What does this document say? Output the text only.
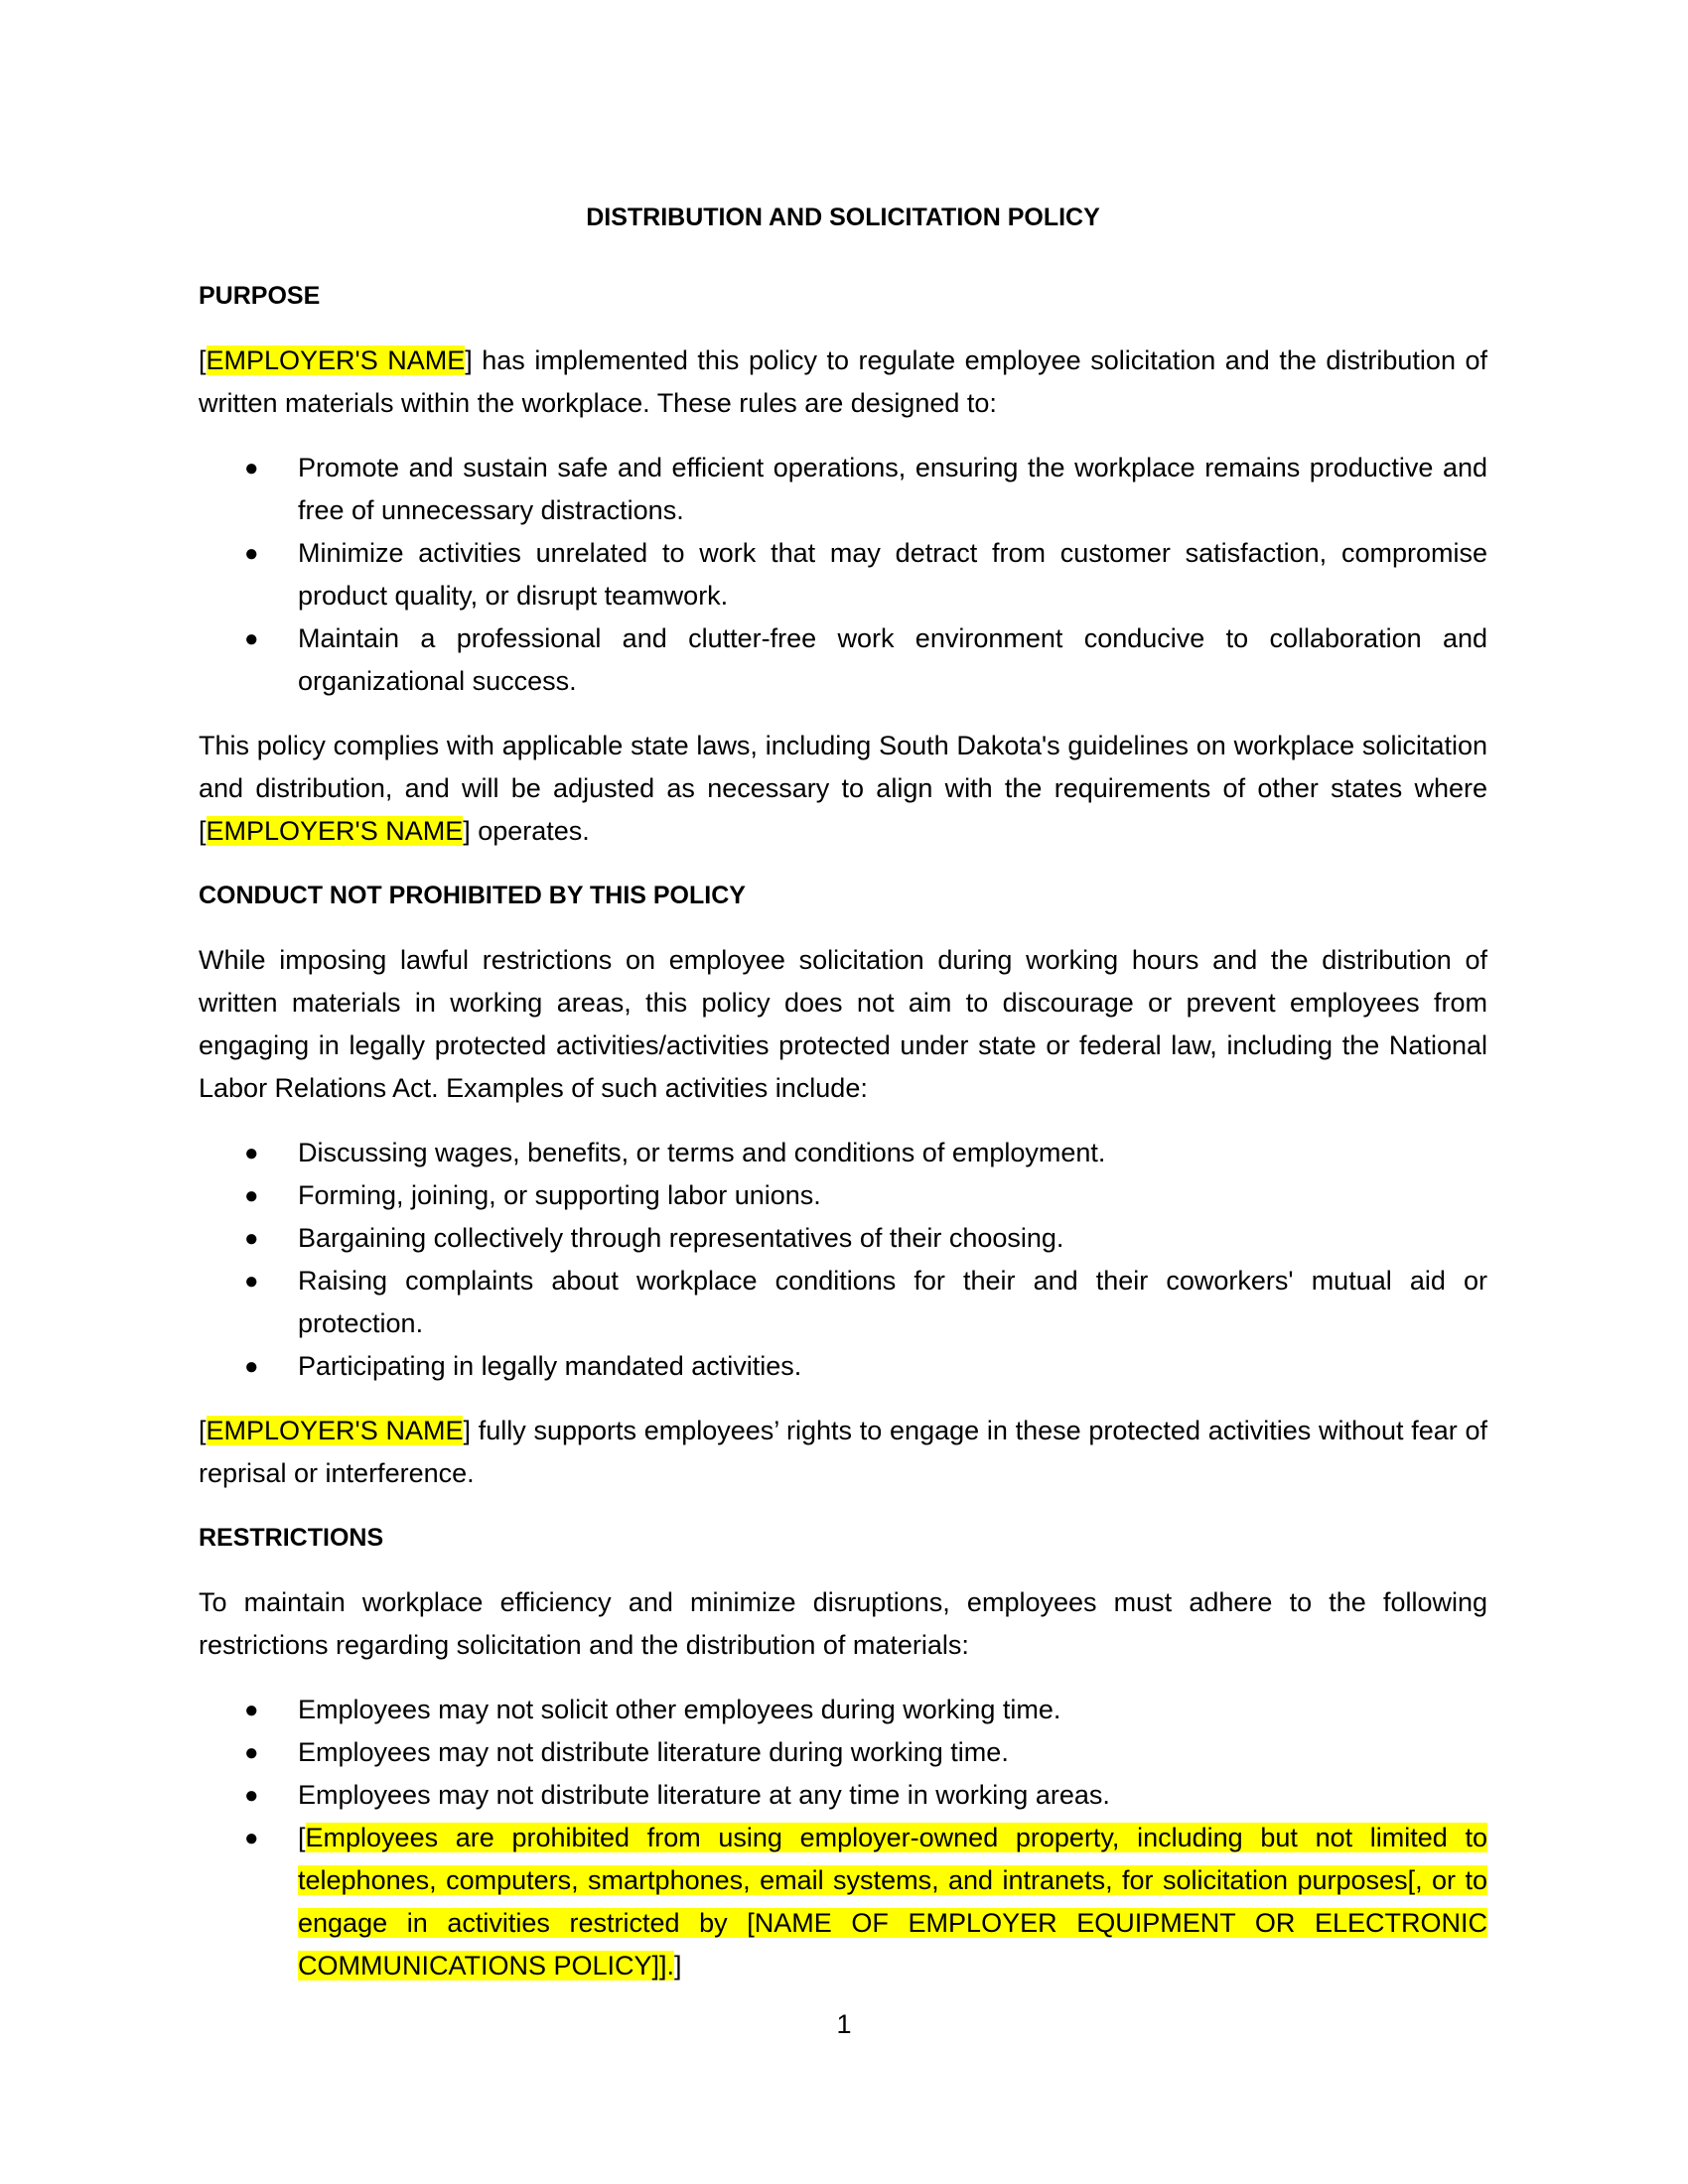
DISTRIBUTION AND SOLICITATION POLICY
PURPOSE

[EMPLOYER'S NAME] has implemented this policy to regulate employee solicitation and the distribution of written materials within the workplace. These rules are designed to:

● Promote and sustain safe and efficient operations, ensuring the workplace remains productive and free of unnecessary distractions.
● Minimize activities unrelated to work that may detract from customer satisfaction, compromise product quality, or disrupt teamwork.
● Maintain a professional and clutter-free work environment conducive to collaboration and organizational success.

This policy complies with applicable state laws, including South Dakota's guidelines on workplace solicitation and distribution, and will be adjusted as necessary to align with the requirements of other states where [EMPLOYER'S NAME] operates.

CONDUCT NOT PROHIBITED BY THIS POLICY

While imposing lawful restrictions on employee solicitation during working hours and the distribution of written materials in working areas, this policy does not aim to discourage or prevent employees from engaging in legally protected activities/activities protected under state or federal law, including the National Labor Relations Act. Examples of such activities include:

● Discussing wages, benefits, or terms and conditions of employment.
● Forming, joining, or supporting labor unions.
● Bargaining collectively through representatives of their choosing.
● Raising complaints about workplace conditions for their and their coworkers' mutual aid or protection.
● Participating in legally mandated activities.

[EMPLOYER'S NAME] fully supports employees’ rights to engage in these protected activities without fear of reprisal or interference.

RESTRICTIONS

To maintain workplace efficiency and minimize disruptions, employees must adhere to the following restrictions regarding solicitation and the distribution of materials:

● Employees may not solicit other employees during working time.
● Employees may not distribute literature during working time.
● Employees may not distribute literature at any time in working areas.
● [Employees are prohibited from using employer-owned property, including but not limited to telephones, computers, smartphones, email systems, and intranets, for solicitation purposes[, or to engage in activities restricted by [NAME OF EMPLOYER EQUIPMENT OR ELECTRONIC COMMUNICATIONS POLICY]].]
1
